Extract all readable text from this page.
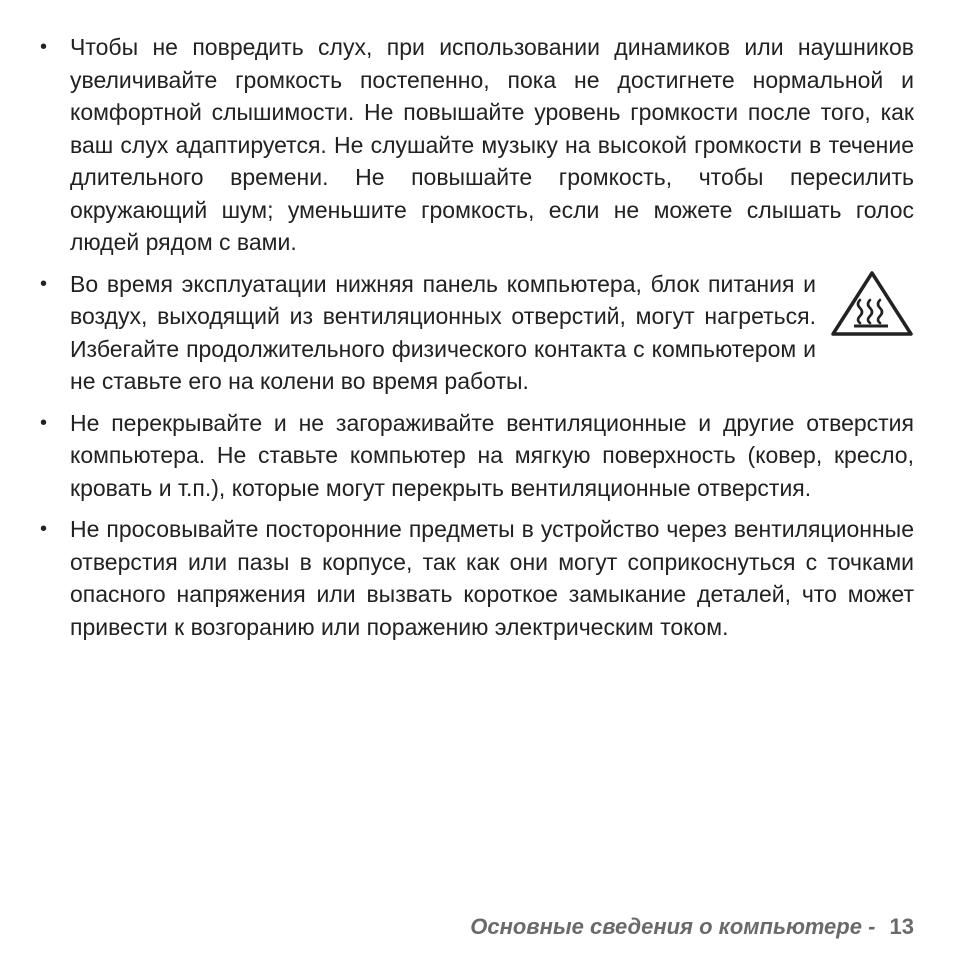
• Чтобы не повредить слух, при использовании динамиков или наушников увеличивайте громкость постепенно, пока не достигнете нормальной и комфортной слышимости. Не повышайте уровень громкости после того, как ваш слух адаптируется. Не слушайте музыку на высокой громкости в течение длительного времени. Не повышайте громкость, чтобы пересилить окружающий шум; уменьшите громкость, если не можете слышать голос людей рядом с вами.
• Во время эксплуатации нижняя панель компьютера, блок питания и воздух, выходящий из вентиляционных отверстий, могут нагреться. Избегайте продолжительного физического контакта с компьютером и не ставьте его на колени во время работы.
• Не перекрывайте и не загораживайте вентиляционные и другие отверстия компьютера. Не ставьте компьютер на мягкую поверхность (ковер, кресло, кровать и т.п.), которые могут перекрыть вентиляционные отверстия.
• Не просовывайте посторонние предметы в устройство через вентиляционные отверстия или пазы в корпусе, так как они могут соприкоснуться с точками опасного напряжения или вызвать короткое замыкание деталей, что может привести к возгоранию или поражению электрическим током.
Основные сведения о компьютере - 13
